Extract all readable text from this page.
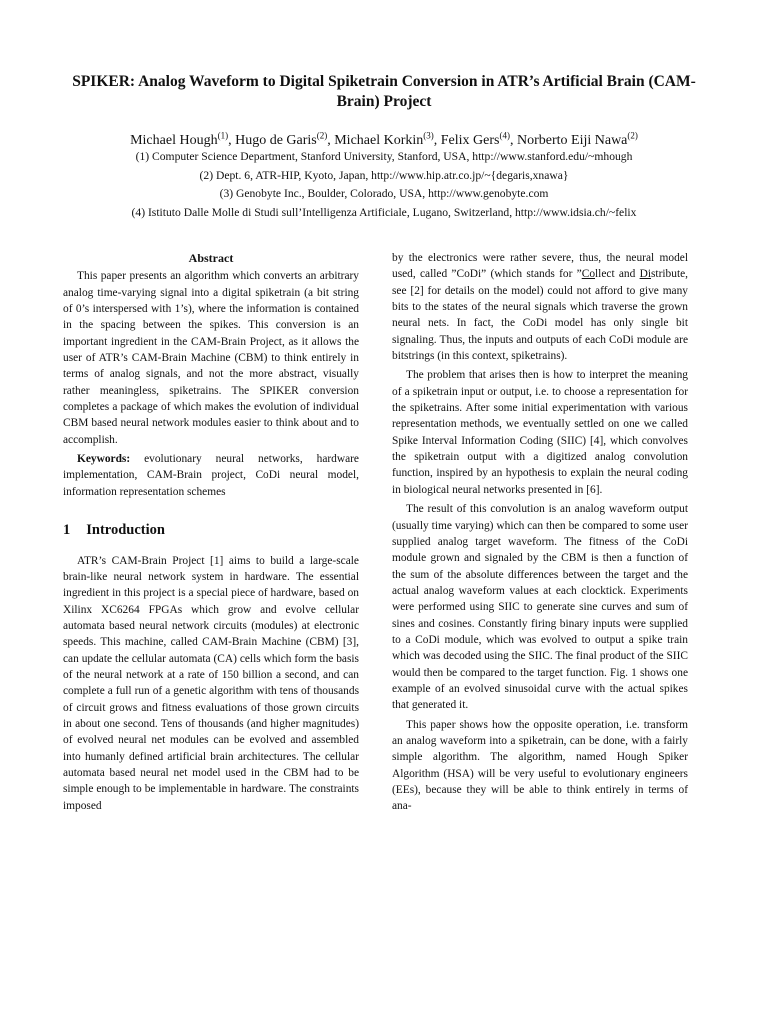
SPIKER: Analog Waveform to Digital Spiketrain Conversion in ATR’s Artificial Brain (CAM-Brain) Project
Michael Hough$^{(1)}$, Hugo de Garis$^{(2)}$, Michael Korkin$^{(3)}$, Felix Gers$^{(4)}$, Norberto Eiji Nawa$^{(2)}$
(1) Computer Science Department, Stanford University, Stanford, USA, http://www.stanford.edu/~mhough
(2) Dept. 6, ATR-HIP, Kyoto, Japan, http://www.hip.atr.co.jp/~{degaris,xnawa}
(3) Genobyte Inc., Boulder, Colorado, USA, http://www.genobyte.com
(4) Istituto Dalle Molle di Studi sull’Intelligenza Artificiale, Lugano, Switzerland, http://www.idsia.ch/~felix
Abstract

This paper presents an algorithm which converts an arbitrary analog time-varying signal into a digital spiketrain (a bit string of 0’s interspersed with 1’s), where the information is contained in the spacing between the spikes. This conversion is an important ingredient in the CAM-Brain Project, as it allows the user of ATR’s CAM-Brain Machine (CBM) to think entirely in terms of analog signals, and not the more abstract, visually rather meaningless, spiketrains. The SPIKER conversion completes a package of which makes the evolution of individual CBM based neural network modules easier to think about and to accomplish.

Keywords: evolutionary neural networks, hardware implementation, CAM-Brain project, CoDi neural model, information representation schemes

1 Introduction

ATR’s CAM-Brain Project [1] aims to build a large-scale brain-like neural network system in hardware. The essential ingredient in this project is a special piece of hardware, based on Xilinx XC6264 FPGAs which grow and evolve cellular automata based neural network circuits (modules) at electronic speeds. This machine, called CAM-Brain Machine (CBM) [3], can update the cellular automata (CA) cells which form the basis of the neural network at a rate of 150 billion a second, and can complete a full run of a genetic algorithm with tens of thousands of circuit grows and fitness evaluations of those grown circuits in about one second. Tens of thousands (and higher magnitudes) of evolved neural net modules can be evolved and assembled into humanly defined artificial brain architectures. The cellular automata based neural net model used in the CBM had to be simple enough to be implementable in hardware. The constraints imposed

by the electronics were rather severe, thus, the neural model used, called ”CoDi” (which stands for ”Collect and Distribute, see [2] for details on the model) could not afford to give many bits to the states of the neural signals which traverse the grown neural nets. In fact, the CoDi model has only single bit signaling. Thus, the inputs and outputs of each CoDi module are bitstrings (in this context, spiketrains).

The problem that arises then is how to interpret the meaning of a spiketrain input or output, i.e. to choose a representation for the spiketrains. After some initial experimentation with various representation methods, we eventually settled on one we called Spike Interval Information Coding (SIIC) [4], which convolves the spiketrain output with a digitized analog convolution function, inspired by an hypothesis to explain the neural coding in biological neural networks presented in [6].

The result of this convolution is an analog waveform output (usually time varying) which can then be compared to some user supplied analog target waveform. The fitness of the CoDi module grown and signaled by the CBM is then a function of the sum of the absolute differences between the target and the actual analog waveform values at each clocktick. Experiments were performed using SIIC to generate sine curves and sum of sines and cosines. Constantly firing binary inputs were supplied to a CoDi module, which was evolved to output a spike train which was decoded using the SIIC. The final product of the SIIC would then be compared to the target function. Fig. 1 shows one example of an evolved sinusoidal curve with the actual spikes that generated it.

This paper shows how the opposite operation, i.e. transform an analog waveform into a spiketrain, can be done, with a fairly simple algorithm. The algorithm, named Hough Spiker Algorithm (HSA) will be very useful to evolutionary engineers (EEs), because they will be able to think entirely in terms of ana-
